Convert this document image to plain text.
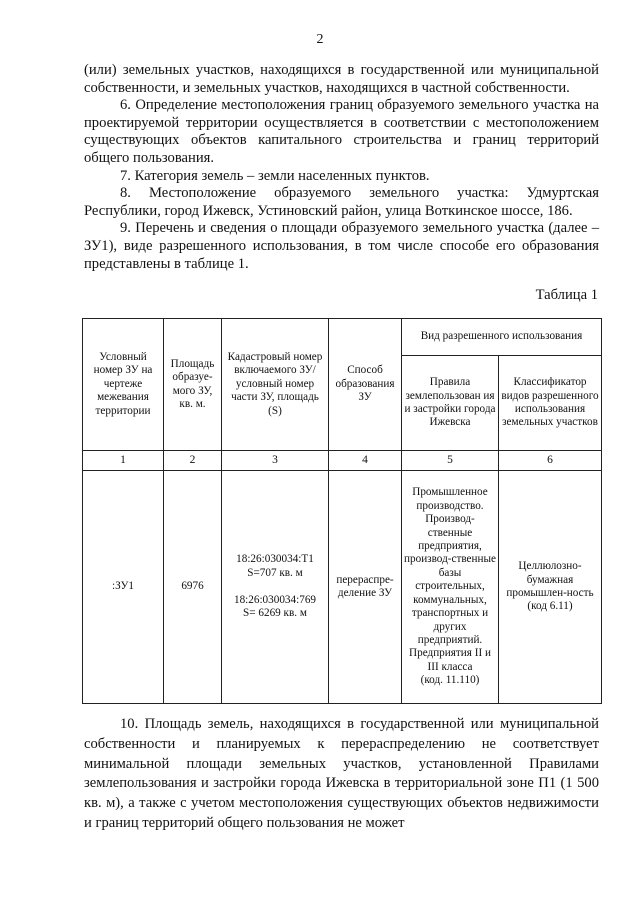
2

(или) земельных участков, находящихся в государственной или муниципальной собственности, и земельных участков, находящихся в частной собственности.

6. Определение местоположения границ образуемого земельного участка на проектируемой территории осуществляется в соответствии с местоположением существующих объектов капитального строительства и границ территорий общего пользования.

7. Категория земель – земли населенных пунктов.

8. Местоположение образуемого земельного участка: Удмуртская Республики, город Ижевск, Устиновский район, улица Воткинское шоссе, 186.

9. Перечень и сведения о площади образуемого земельного участка (далее – ЗУ1), виде разрешенного использования, в том числе способе его образования представлены в таблице 1.

Таблица 1
Условный номер ЗУ на чертеже межевания территории	Площадь образуе-мого ЗУ, кв. м.	Кадастровый номер включаемого ЗУ/условный номер части ЗУ, площадь (S)	Способ образования ЗУ	Вид разрешенного использования	
				Правила землепользован ия и застройки города Ижевска	Классификатор видов разрешенного использования земельных участков
1	2	3	4	5	6
:ЗУ1	6976	18:26:030034:Т1
S=707 кв. м

18:26:030034:769
S= 6269 кв. м	перераспре-деление ЗУ	Промышленное производство.
Производ-ственные предприятия, производ-ственные базы строительных, коммунальных, транспортных и других предприятий.
Предприятия II и III класса
(код. 11.110)	Целлюлозно-бумажная промышлен-ность
(код 6.11)

10. Площадь земель, находящихся в государственной или муниципальной собственности и планируемых к перераспределению не соответствует минимальной площади земельных участков, установленной Правилами землепользования и застройки города Ижевска в территориальной зоне П1 (1 500 кв. м), а также с учетом местоположения существующих объектов недвижимости и границ территорий общего пользования не может
